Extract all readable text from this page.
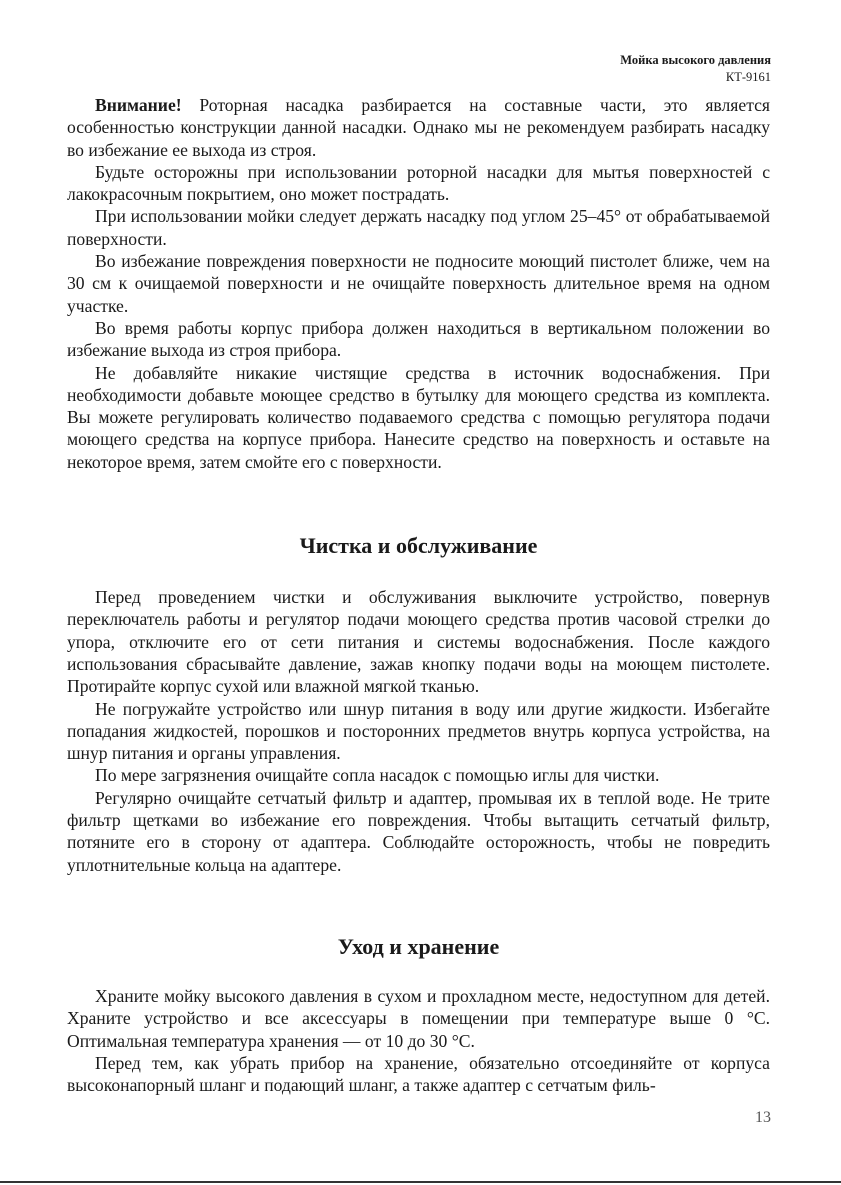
Мойка высокого давления
КТ-9161

Внимание! Роторная насадка разбирается на составные части, это является особенностью конструкции данной насадки. Однако мы не рекомендуем разбирать насадку во избежание ее выхода из строя.

Будьте осторожны при использовании роторной насадки для мытья поверхностей с лакокрасочным покрытием, оно может пострадать.

При использовании мойки следует держать насадку под углом 25–45° от обрабатываемой поверхности.

Во избежание повреждения поверхности не подносите моющий пистолет ближе, чем на 30 см к очищаемой поверхности и не очищайте поверхность длительное время на одном участке.

Во время работы корпус прибора должен находиться в вертикальном положении во избежание выхода из строя прибора.

Не добавляйте никакие чистящие средства в источник водоснабжения. При необходимости добавьте моющее средство в бутылку для моющего средства из комплекта. Вы можете регулировать количество подаваемого средства с помощью регулятора подачи моющего средства на корпусе прибора. Нанесите средство на поверхность и оставьте на некоторое время, затем смойте его с поверхности.

Чистка и обслуживание

Перед проведением чистки и обслуживания выключите устройство, повернув переключатель работы и регулятор подачи моющего средства против часовой стрелки до упора, отключите его от сети питания и системы водоснабжения. После каждого использования сбрасывайте давление, зажав кнопку подачи воды на моющем пистолете. Протирайте корпус сухой или влажной мягкой тканью.

Не погружайте устройство или шнур питания в воду или другие жидкости. Избегайте попадания жидкостей, порошков и посторонних предметов внутрь корпуса устройства, на шнур питания и органы управления.

По мере загрязнения очищайте сопла насадок с помощью иглы для чистки.

Регулярно очищайте сетчатый фильтр и адаптер, промывая их в теплой воде. Не трите фильтр щетками во избежание его повреждения. Чтобы вытащить сетчатый фильтр, потяните его в сторону от адаптера. Соблюдайте осторожность, чтобы не повредить уплотнительные кольца на адаптере.

Уход и хранение

Храните мойку высокого давления в сухом и прохладном месте, недоступном для детей. Храните устройство и все аксессуары в помещении при температуре выше 0 °C. Оптимальная температура хранения — от 10 до 30 °C.

Перед тем, как убрать прибор на хранение, обязательно отсоединяйте от корпуса высоконапорный шланг и подающий шланг, а также адаптер с сетчатым филь-

13
